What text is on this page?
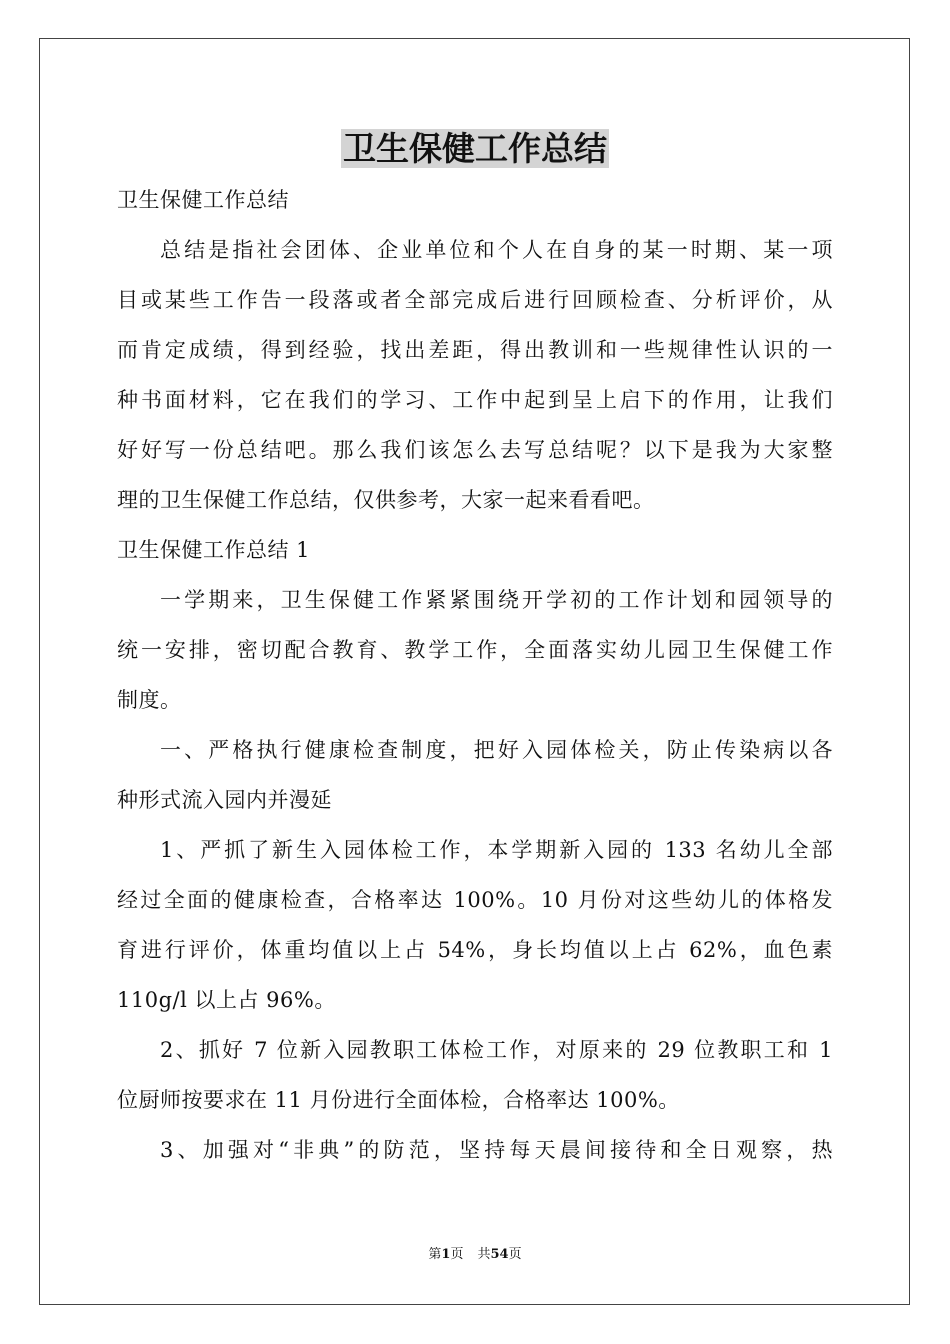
卫生保健工作总结
卫生保健工作总结
总结是指社会团体、企业单位和个人在自身的某一时期、某一项
目或某些工作告一段落或者全部完成后进行回顾检查、分析评价，从
而肯定成绩，得到经验，找出差距，得出教训和一些规律性认识的一
种书面材料，它在我们的学习、工作中起到呈上启下的作用，让我们
好好写一份总结吧。那么我们该怎么去写总结呢？以下是我为大家整
理的卫生保健工作总结，仅供参考，大家一起来看看吧。
卫生保健工作总结 1
一学期来，卫生保健工作紧紧围绕开学初的工作计划和园领导的
统一安排，密切配合教育、教学工作，全面落实幼儿园卫生保健工作
制度。
一、严格执行健康检查制度，把好入园体检关，防止传染病以各
种形式流入园内并漫延
1、严抓了新生入园体检工作，本学期新入园的 133 名幼儿全部
经过全面的健康检查，合格率达 100%。10 月份对这些幼儿的体格发
育进行评价，体重均值以上占 54%，身长均值以上占 62%，血色素
110g/l 以上占 96%。
2、抓好 7 位新入园教职工体检工作，对原来的 29 位教职工和 1
位厨师按要求在 11 月份进行全面体检，合格率达 100%。
3、加强对“非典”的防范，坚持每天晨间接待和全日观察，热
第1页 共54页
